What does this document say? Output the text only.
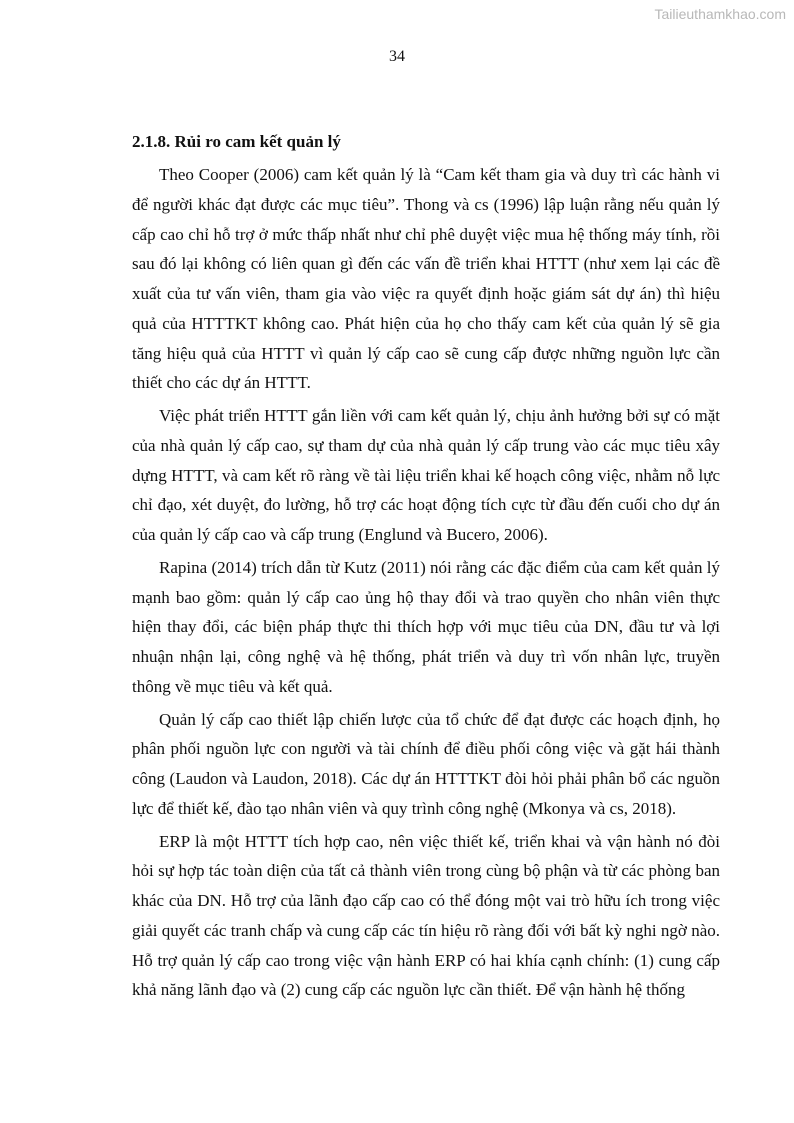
Tailieuthamkhao.com
34
2.1.8. Rủi ro cam kết quản lý

Theo Cooper (2006) cam kết quản lý là “Cam kết tham gia và duy trì các hành vi để người khác đạt được các mục tiêu”. Thong và cs (1996) lập luận rằng nếu quản lý cấp cao chỉ hỗ trợ ở mức thấp nhất như chỉ phê duyệt việc mua hệ thống máy tính, rồi sau đó lại không có liên quan gì đến các vấn đề triển khai HTTT (như xem lại các đề xuất của tư vấn viên, tham gia vào việc ra quyết định hoặc giám sát dự án) thì hiệu quả của HTTTKT không cao. Phát hiện của họ cho thấy cam kết của quản lý sẽ gia tăng hiệu quả của HTTT vì quản lý cấp cao sẽ cung cấp được những nguồn lực cần thiết cho các dự án HTTT.

Việc phát triển HTTT gắn liền với cam kết quản lý, chịu ảnh hưởng bởi sự có mặt của nhà quản lý cấp cao, sự tham dự của nhà quản lý cấp trung vào các mục tiêu xây dựng HTTT, và cam kết rõ ràng về tài liệu triển khai kế hoạch công việc, nhằm nỗ lực chỉ đạo, xét duyệt, đo lường, hỗ trợ các hoạt động tích cực từ đầu đến cuối cho dự án của quản lý cấp cao và cấp trung (Englund và Bucero, 2006).

Rapina (2014) trích dẫn từ Kutz (2011) nói rằng các đặc điểm của cam kết quản lý mạnh bao gồm: quản lý cấp cao ủng hộ thay đổi và trao quyền cho nhân viên thực hiện thay đổi, các biện pháp thực thi thích hợp với mục tiêu của DN, đầu tư và lợi nhuận nhận lại, công nghệ và hệ thống, phát triển và duy trì vốn nhân lực, truyền thông về mục tiêu và kết quả.

Quản lý cấp cao thiết lập chiến lược của tổ chức để đạt được các hoạch định, họ phân phối nguồn lực con người và tài chính để điều phối công việc và gặt hái thành công (Laudon và Laudon, 2018). Các dự án HTTTKT đòi hỏi phải phân bổ các nguồn lực để thiết kế, đào tạo nhân viên và quy trình công nghệ (Mkonya và cs, 2018).

ERP là một HTTT tích hợp cao, nên việc thiết kế, triển khai và vận hành nó đòi hỏi sự hợp tác toàn diện của tất cả thành viên trong cùng bộ phận và từ các phòng ban khác của DN. Hỗ trợ của lãnh đạo cấp cao có thể đóng một vai trò hữu ích trong việc giải quyết các tranh chấp và cung cấp các tín hiệu rõ ràng đối với bất kỳ nghi ngờ nào. Hỗ trợ quản lý cấp cao trong việc vận hành ERP có hai khía cạnh chính: (1) cung cấp khả năng lãnh đạo và (2) cung cấp các nguồn lực cần thiết. Để vận hành hệ thống
